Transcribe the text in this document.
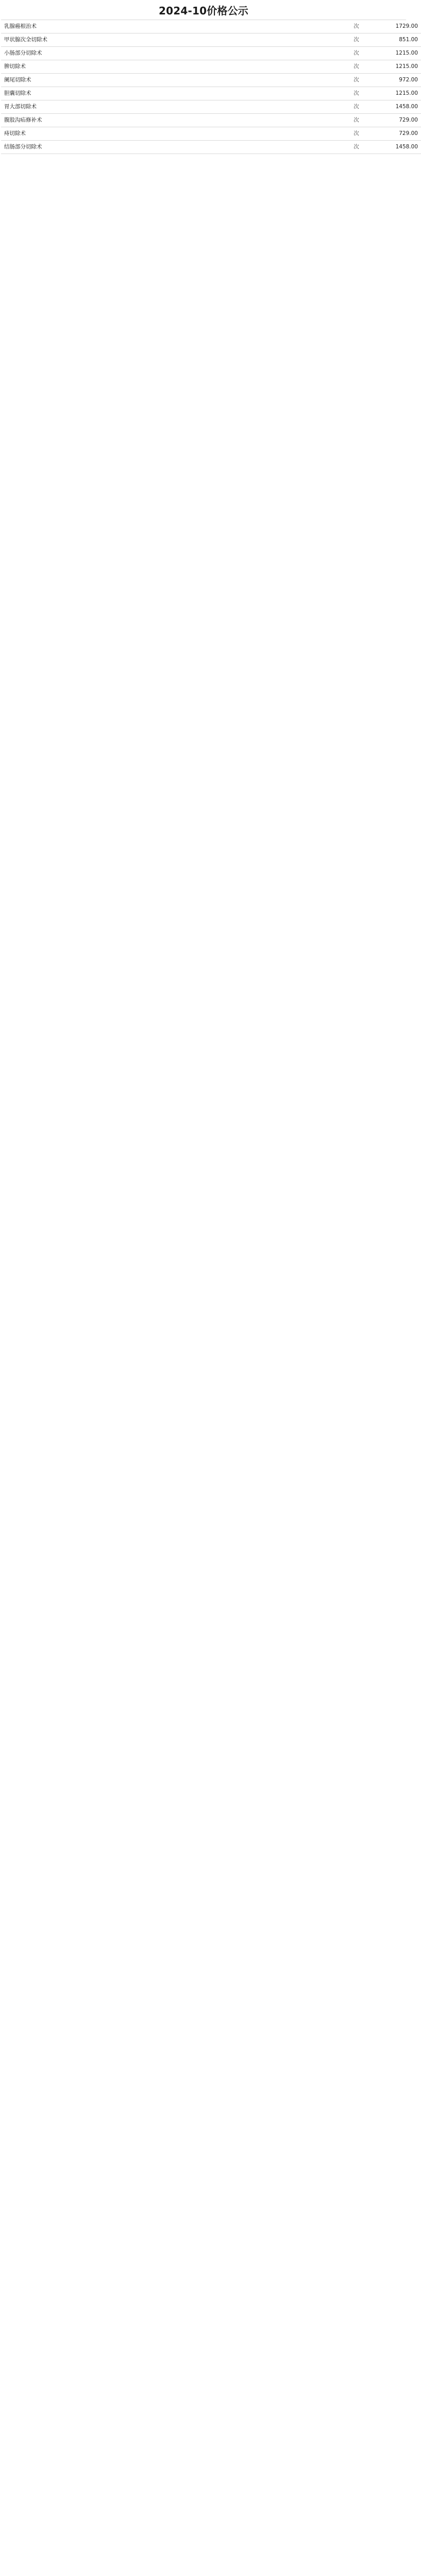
2024-10价格公示
乳腺癌根治术			次	1729.00
甲状腺次全切除术			次	851.00
小肠部分切除术			次	1215.00
脾切除术			次	1215.00
阑尾切除术			次	972.00
胆囊切除术			次	1215.00
胃大部切除术			次	1458.00
腹股沟疝修补术			次	729.00
痔切除术			次	729.00
结肠部分切除术			次	1458.00
